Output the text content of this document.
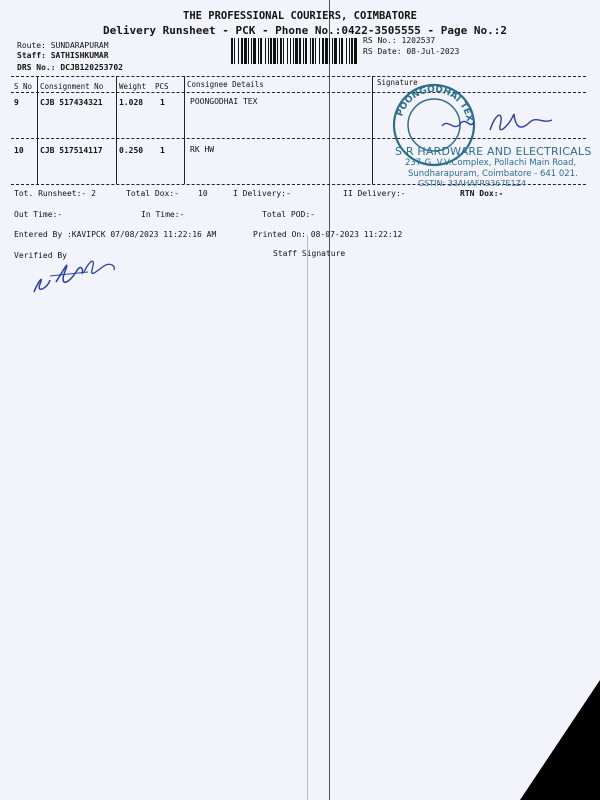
THE PROFESSIONAL COURIERS, COIMBATORE
Delivery Runsheet - PCK - Phone No.:0422-3505555 - Page No.:2
Route: SUNDARAPURAM
Staff: SATHISHKUMAR
DRS No.: DCJB120253702
RS No.: 1202537
RS Date: 08-Jul-2023
S No Consignment No Weight PCS Consignee Details	Signature
9	CJB 517434321 1.028 1	POONGODHAI TEX
10 CJB 517514117 0.250 1	RK HW
POONGODHAI TEX
S R HARDWARE AND ELECTRICALS
237-G, V.V.Complex, Pollachi Main Road,
Sundharapuram, Coimbatore - 641 021.
GSTIN: 33AHAFR9367E1Z4
Tot. Runsheet:- 2	Total Dox:- 10	I Delivery:-	II Delivery:-	RTN Dox:-
Out Time:-	In Time:-	Total POD:-
Entered By :KAVIPCK 07/08/2023 11:22:16 AM	Printed On: 08-07-2023 11:22:12
Verified By	Staff Signature
